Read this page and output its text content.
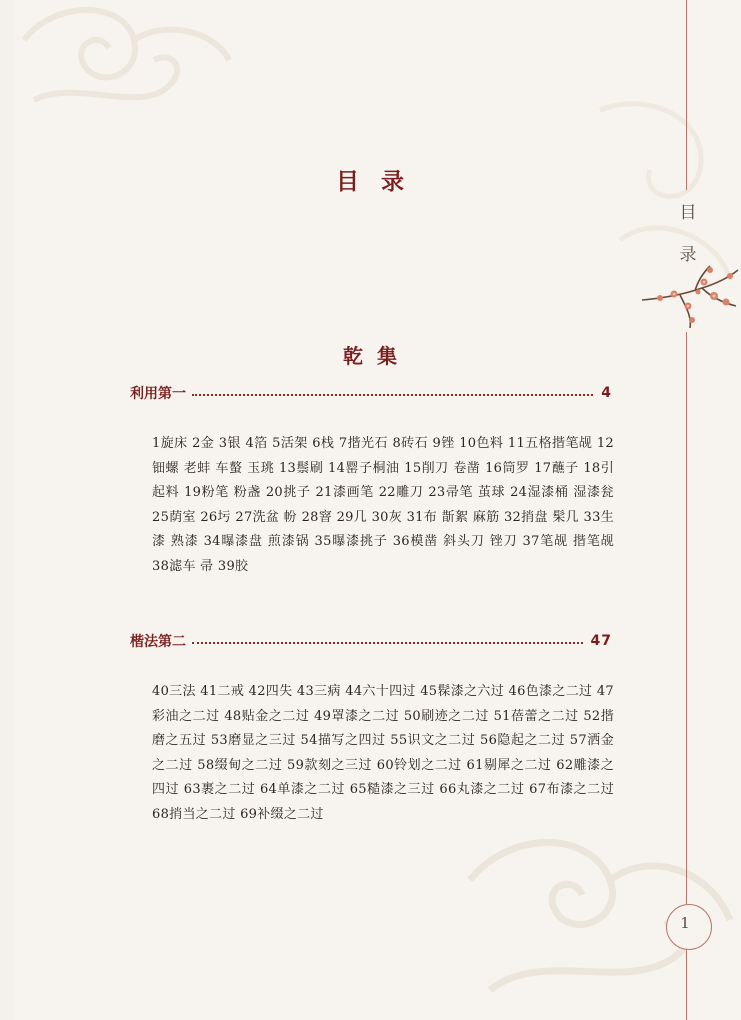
目
录
1
目录
乾集
利用第一	4
1旋床 2金 3银 4箔 5活架 6栈 7揩光石 8砖石 9锉 10色料 11五格揩笔觇 12钿螺 老蚌 车螯 玉珧 13鬃刷 14罂子桐油 15削刀 卷凿 16筒罗 17蘸子 18引起料 19粉笔 粉盏 20挑子 21漆画笔 22雕刀 23帚笔 茧球 24湿漆桶 湿漆瓮 25荫室 26圬 27洗盆 帉 28窨 29几 30灰 31布 斮絮 麻筋 32捎盘 髤几 33生漆 熟漆 34曝漆盘 煎漆锅 35曝漆挑子 36模凿 斜头刀 锉刀 37笔觇 揩笔觇 38滤车 帚 39胶
楷法第二	47
40三法 41二戒 42四失 43三病 44六十四过 45髹漆之六过 46色漆之二过 47彩油之二过 48贴金之二过 49罩漆之二过 50刷迹之二过 51蓓蕾之二过 52揩磨之五过 53磨显之三过 54描写之四过 55识文之二过 56隐起之二过 57洒金之二过 58缀甸之二过 59款刻之三过 60铃划之二过 61剔犀之二过 62雕漆之四过 63裹之二过 64单漆之二过 65糙漆之三过 66丸漆之二过 67布漆之二过 68捎当之二过 69补缀之二过
